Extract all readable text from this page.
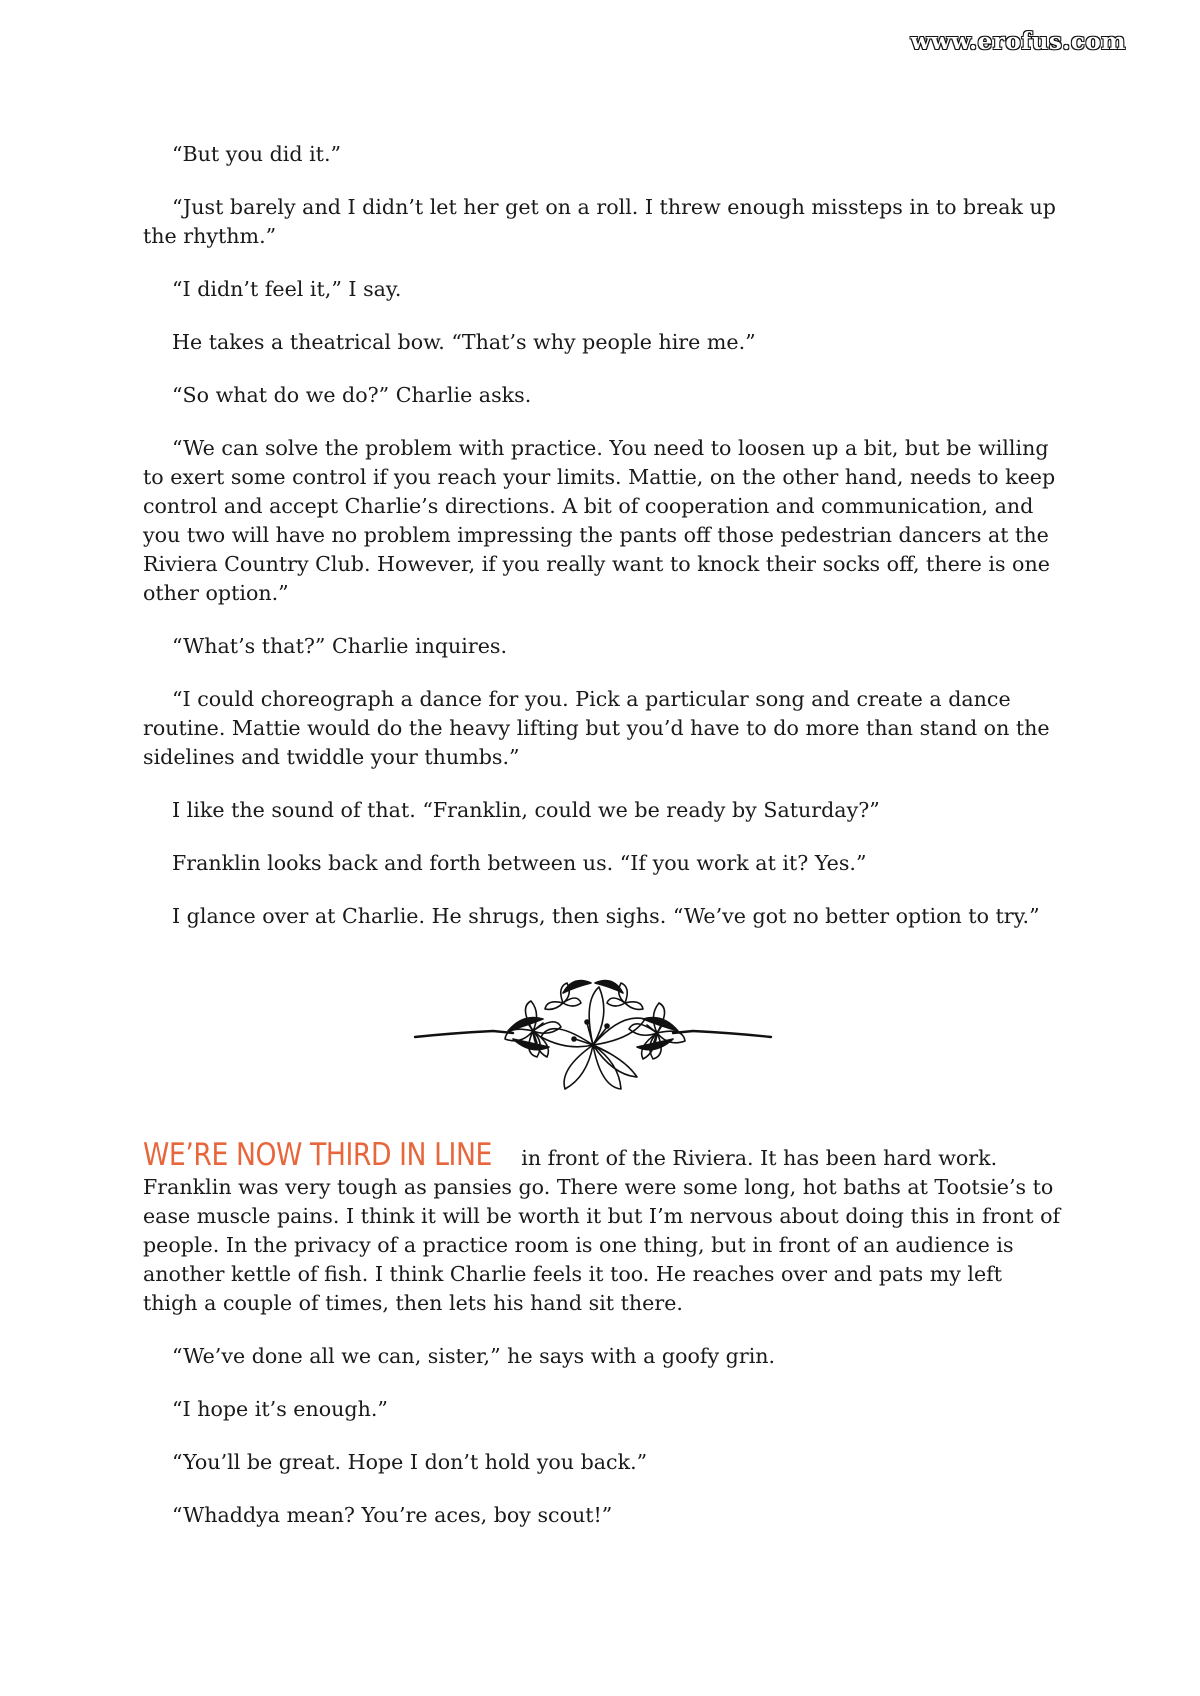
www.erofus.com

“But you did it.”

“Just barely and I didn’t let her get on a roll. I threw enough missteps in to break up the rhythm.”

“I didn’t feel it,” I say.

He takes a theatrical bow. “That’s why people hire me.”

“So what do we do?” Charlie asks.

“We can solve the problem with practice. You need to loosen up a bit, but be willing to exert some control if you reach your limits. Mattie, on the other hand, needs to keep control and accept Charlie’s directions. A bit of cooperation and communication, and you two will have no problem impressing the pants off those pedestrian dancers at the Riviera Country Club. However, if you really want to knock their socks off, there is one other option.”

“What’s that?” Charlie inquires.

“I could choreograph a dance for you. Pick a particular song and create a dance routine. Mattie would do the heavy lifting but you’d have to do more than stand on the sidelines and twiddle your thumbs.”

I like the sound of that. “Franklin, could we be ready by Saturday?”

Franklin looks back and forth between us. “If you work at it? Yes.”

I glance over at Charlie. He shrugs, then sighs. “We’ve got no better option to try.”

WE’RE NOW THIRD IN LINE in front of the Riviera. It has been hard work. Franklin was very tough as pansies go. There were some long, hot baths at Tootsie’s to ease muscle pains. I think it will be worth it but I’m nervous about doing this in front of people. In the privacy of a practice room is one thing, but in front of an audience is another kettle of fish. I think Charlie feels it too. He reaches over and pats my left thigh a couple of times, then lets his hand sit there.

“We’ve done all we can, sister,” he says with a goofy grin.

“I hope it’s enough.”

“You’ll be great. Hope I don’t hold you back.”

“Whaddya mean? You’re aces, boy scout!”
